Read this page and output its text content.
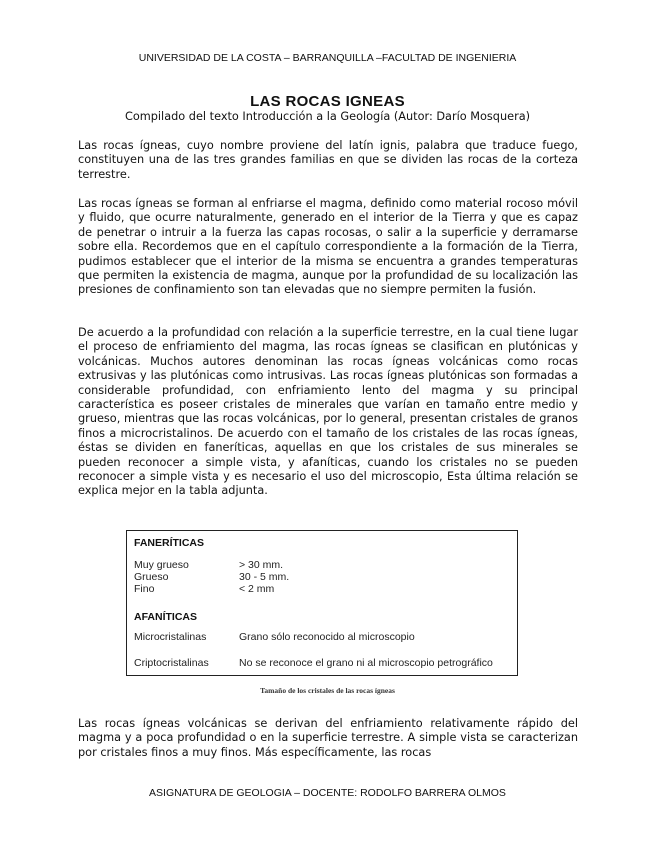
UNIVERSIDAD DE LA COSTA – BARRANQUILLA –FACULTAD DE INGENIERIA
LAS ROCAS IGNEAS
Compilado del texto Introducción a la Geología (Autor: Darío Mosquera)

Las rocas ígneas, cuyo nombre proviene del latín ignis, palabra que traduce fuego, constituyen una de las tres grandes familias en que se dividen las rocas de la corteza terrestre.

Las rocas ígneas se forman al enfriarse el magma, definido como material rocoso móvil y fluido, que ocurre naturalmente, generado en el interior de la Tierra y que es capaz de penetrar o intruir a la fuerza las capas rocosas, o salir a la superficie y derramarse sobre ella. Recordemos que en el capítulo correspondiente a la formación de la Tierra, pudimos establecer que el interior de la misma se encuentra a grandes temperaturas que permiten la existencia de magma, aunque por la profundidad de su localización las presiones de confinamiento son tan elevadas que no siempre permiten la fusión.

De acuerdo a la profundidad con relación a la superficie terrestre, en la cual tiene lugar el proceso de enfriamiento del magma, las rocas ígneas se clasifican en plutónicas y volcánicas. Muchos autores denominan las rocas ígneas volcánicas como rocas extrusivas y las plutónicas como intrusivas. Las rocas ígneas plutónicas son formadas a considerable profundidad, con enfriamiento lento del magma y su principal característica es poseer cristales de minerales que varían en tamaño entre medio y grueso, mientras que las rocas volcánicas, por lo general, presentan cristales de granos finos a microcristalinos. De acuerdo con el tamaño de los cristales de las rocas ígneas, éstas se dividen en faneríticas, aquellas en que los cristales de sus minerales se pueden reconocer a simple vista, y afaníticas, cuando los cristales no se pueden reconocer a simple vista y es necesario el uso del microscopio, Esta última relación se explica mejor en la tabla adjunta.

FANERÍTICAS
Muy grueso	> 30 mm.
Grueso	30 - 5 mm.
Fino	< 2 mm
AFANÍTICAS
Microcristalinas	Grano sólo reconocido al microscopio
Criptocristalinas	No se reconoce el grano ni al microscopio petrográfico
Tamaño de los cristales de las rocas ígneas

Las rocas ígneas volcánicas se derivan del enfriamiento relativamente rápido del magma y a poca profundidad o en la superficie terrestre. A simple vista se caracterizan por cristales finos a muy finos. Más específicamente, las rocas

ASIGNATURA DE GEOLOGIA – DOCENTE: RODOLFO BARRERA OLMOS
